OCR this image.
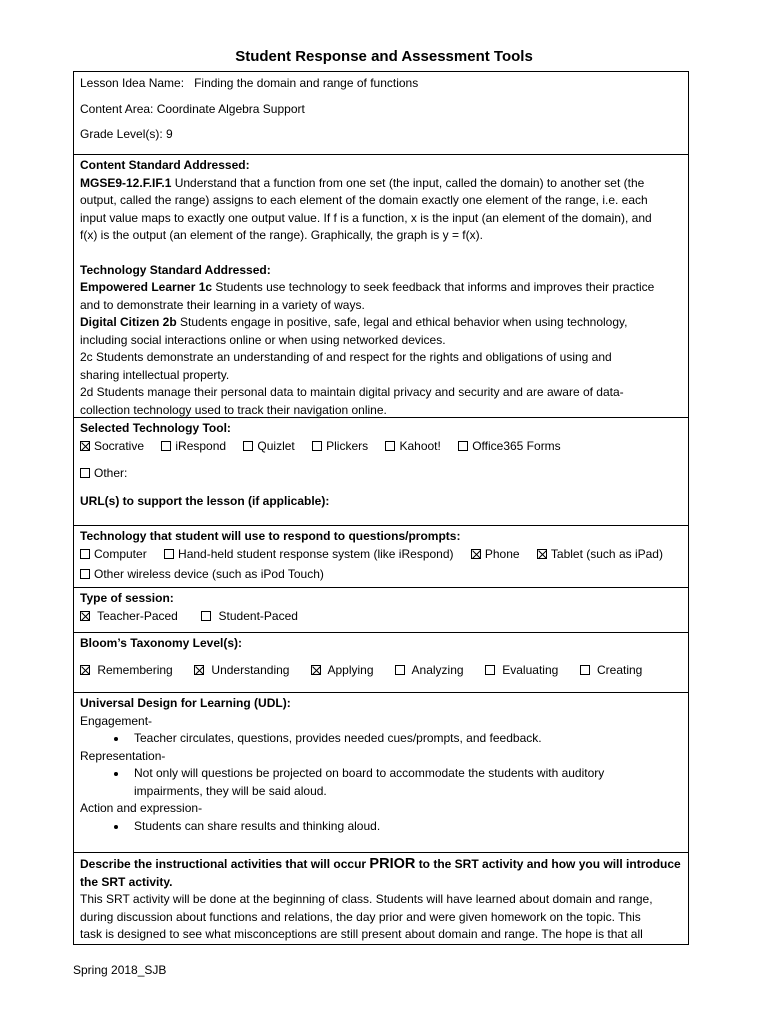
Student Response and Assessment Tools
Lesson Idea Name: Finding the domain and range of functions
Content Area: Coordinate Algebra Support
Grade Level(s): 9
Content Standard Addressed:
MGSE9-12.F.IF.1 Understand that a function from one set (the input, called the domain) to another set (the
output, called the range) assigns to each element of the domain exactly one element of the range, i.e. each
input value maps to exactly one output value. If f is a function, x is the input (an element of the domain), and
f(x) is the output (an element of the range). Graphically, the graph is y = f(x).
Technology Standard Addressed:
Empowered Learner 1c Students use technology to seek feedback that informs and improves their practice
and to demonstrate their learning in a variety of ways.
Digital Citizen 2b Students engage in positive, safe, legal and ethical behavior when using technology,
including social interactions online or when using networked devices.
2c Students demonstrate an understanding of and respect for the rights and obligations of using and
sharing intellectual property.
2d Students manage their personal data to maintain digital privacy and security and are aware of data-
collection technology used to track their navigation online.
Selected Technology Tool:
Socrative	iRespond	Quizlet	Plickers	Kahoot!	Office365 Forms
Other:
URL(s) to support the lesson (if applicable):
Technology that student will use to respond to questions/prompts:
Computer	Hand-held student response system (like iRespond)	Phone	Tablet (such as iPad)
Other wireless device (such as iPod Touch)
Type of session:
Teacher-Paced	Student-Paced
Bloom’s Taxonomy Level(s):
Remembering	Understanding	Applying	Analyzing	Evaluating	Creating
Universal Design for Learning (UDL):
Engagement-
• Teacher circulates, questions, provides needed cues/prompts, and feedback.
Representation-
• Not only will questions be projected on board to accommodate the students with auditory
impairments, they will be said aloud.
Action and expression-
• Students can share results and thinking aloud.
Describe the instructional activities that will occur PRIOR to the SRT activity and how you will introduce
the SRT activity.
This SRT activity will be done at the beginning of class. Students will have learned about domain and range,
during discussion about functions and relations, the day prior and were given homework on the topic. This
task is designed to see what misconceptions are still present about domain and range. The hope is that all
Spring 2018_SJB
